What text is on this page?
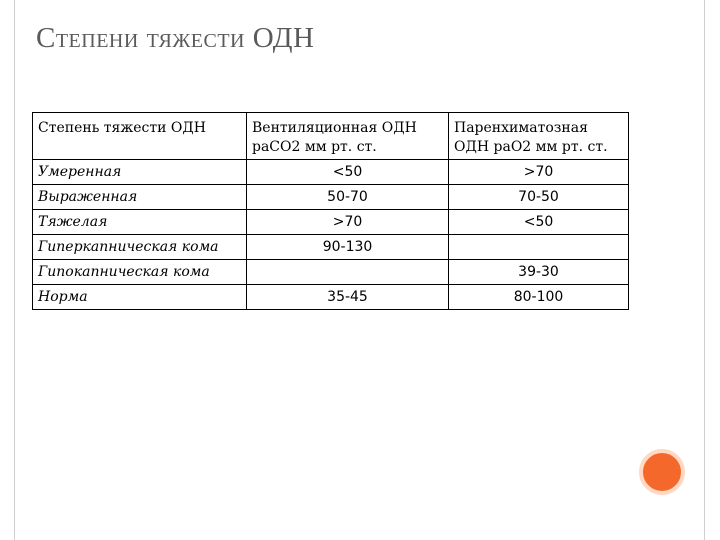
Степени тяжести ОДН
Степень тяжести ОДН	Вентиляционная ОДН paCO2 мм рт. ст.	Паренхиматозная ОДН paO2 мм рт. ст.
Умеренная	<50	>70
Выраженная	50-70	70-50
Тяжелая	>70	<50
Гиперкапническая кома	90-130	
Гипокапническая кома		39-30
Норма	35-45	80-100
